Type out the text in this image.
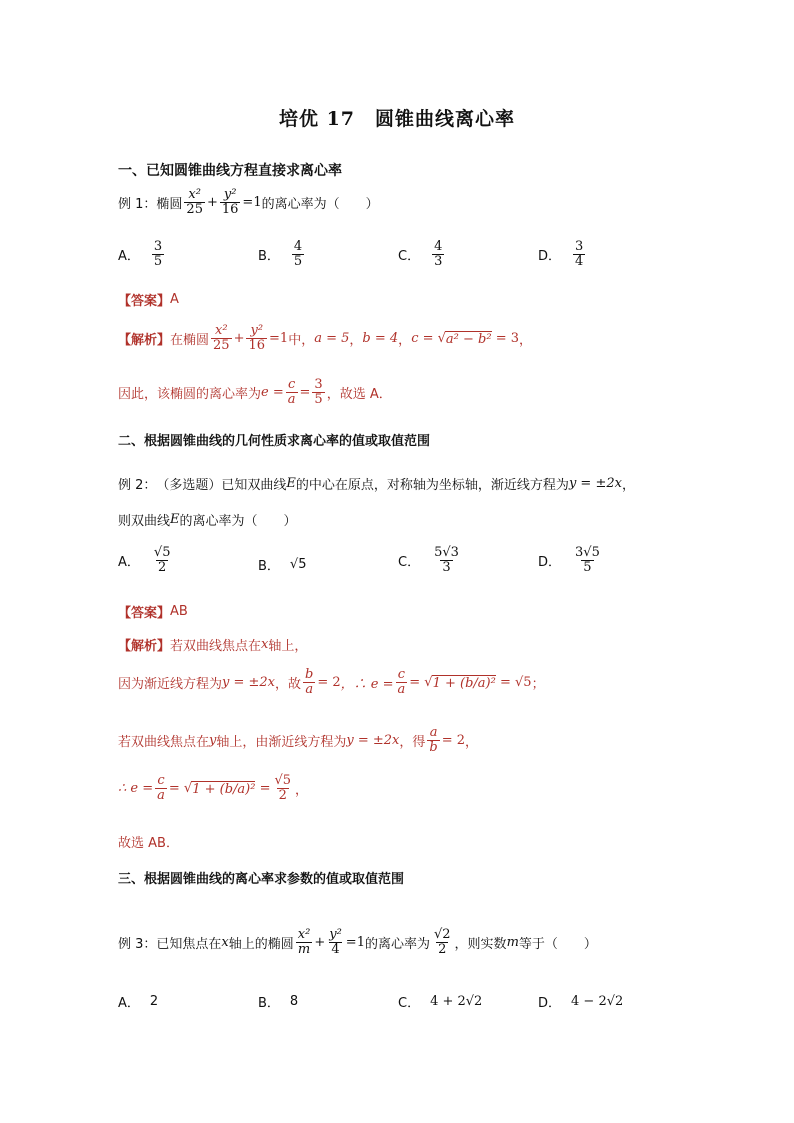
培优 17　圆锥曲线离心率
一、已知圆锥曲线方程直接求离心率
例 1： 椭圆 $\frac{\text{x²}}{25} + \frac{\text{y²}}{16} =1$ 的离心率为（　　）
A． $\frac{3}{5}$	B． $\frac{4}{5}$	C． $\frac{4}{3}$	D． $\frac{3}{4}$
【答案】 A
【解析】 在椭圆 $\frac{\text{x²}}{25} + \frac{\text{y²}}{16} =1$ 中， a = 5 ， b = 4 ， c = √ a² − b²
= 3 ，
因此，该椭圆的离心率为 $e = \frac{c}{a} = \frac{3}{5}$ ，故选 A．
二、根据圆锥曲线的几何性质求离心率的值或取值范围
例 2： （多选题）已知双曲线 E 的中心在原点，对称轴为坐标轴，渐近线方程为 y = ±2x ，
则双曲线 E 的离心率为（　　）
A． $\frac{√5}{2}$	B． √5	C． $\frac{5√3}{3}$	D． $\frac{3√5}{5}$
【答案】 AB
【解析】 若双曲线焦点在 x 轴上，
因为渐近线方程为 y = ±2x ，故 $\frac{b}{a} = 2$ ，∴ $e = \frac{c}{a}$ = √ 1 + (b/a)²
= √5 ；
若双曲线焦点在 y 轴上，由渐近线方程为 y = ±2x ，得 $\frac{a}{b} = 2$ ，
∴ $e = \frac{c}{a}$ = √ $1 + (b/a)^2 = \frac{√5}{2}$ ，
故选 AB．
三、根据圆锥曲线的离心率求参数的值或取值范围
例 3： 已知焦点在 x 轴上的椭圆 $\frac{\text{x²}}{m} + \frac{\text{y²}}{4} =1$ 的离心率为 $\frac{√2}{2}$ ，则实数 m 等于（　　）
A． 2	B． 8	C． 4 + 2√2	D． 4 − 2√2
